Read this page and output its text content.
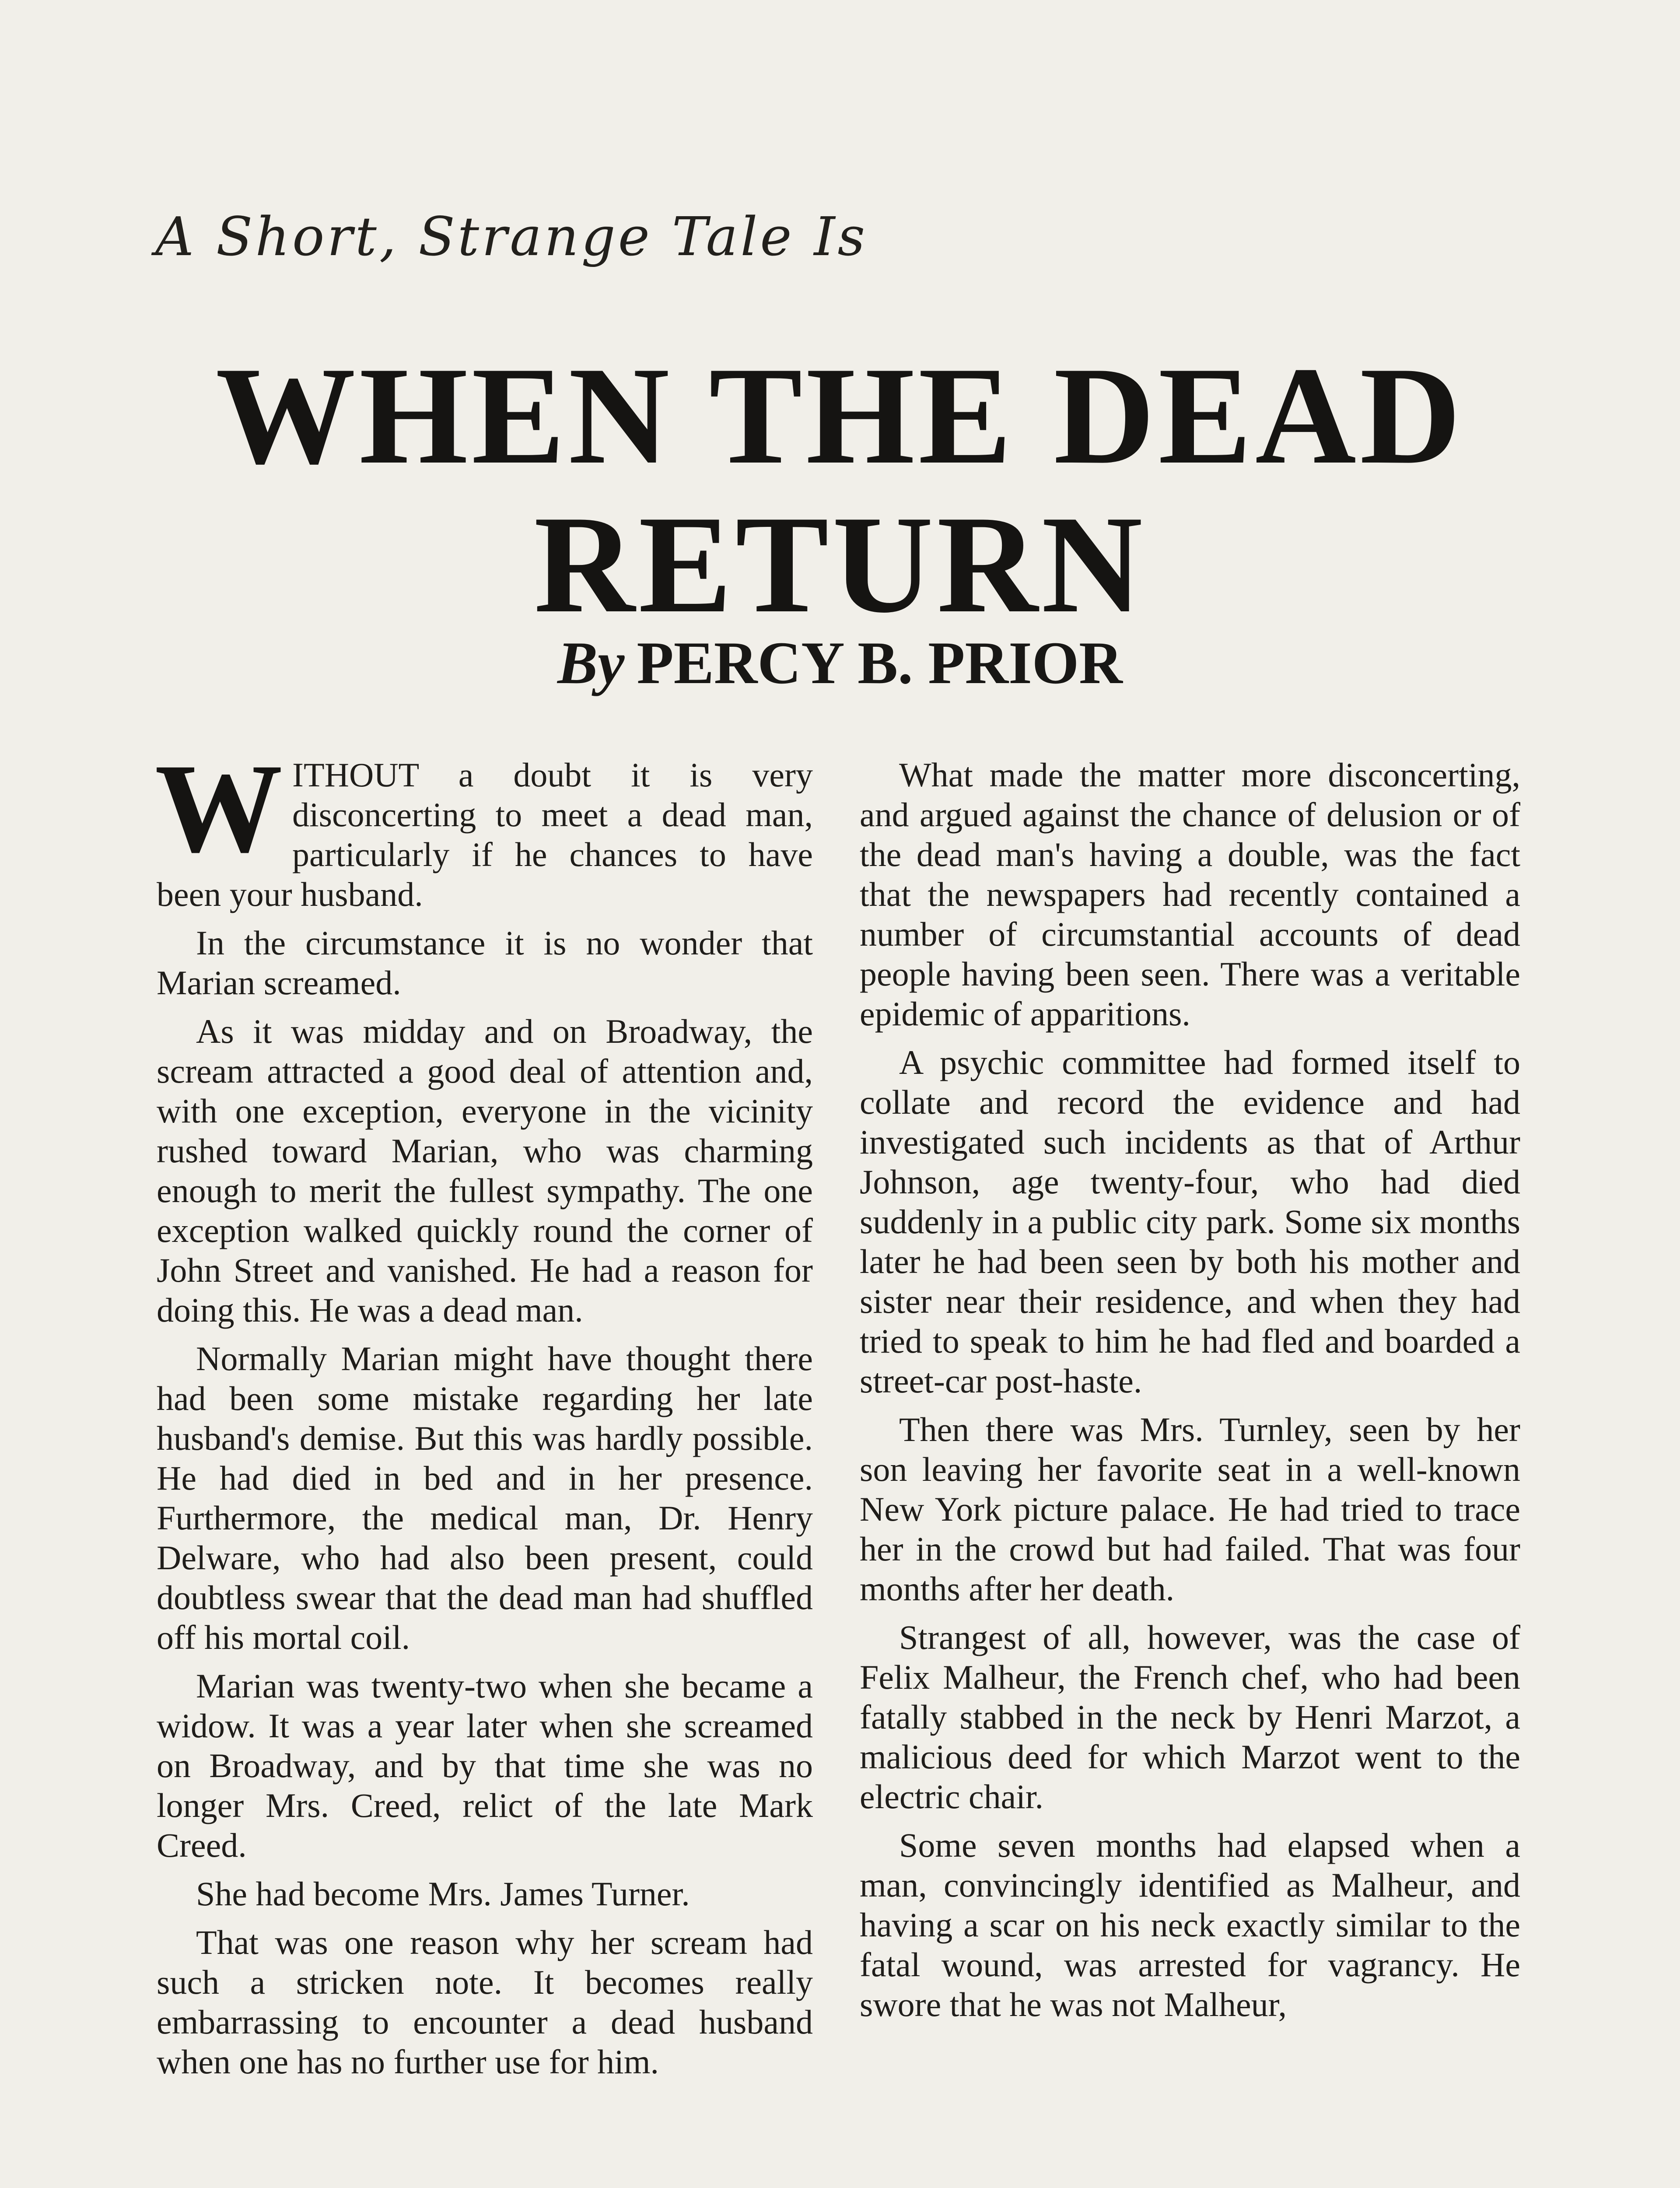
A Short, Strange Tale Is
WHEN THE DEAD
RETURN
By PERCY B. PRIOR

WITHOUT a doubt it is very disconcerting to meet a dead man, particularly if he chances to have been your husband.

In the circumstance it is no wonder that Marian screamed.

As it was midday and on Broadway, the scream attracted a good deal of attention and, with one exception, everyone in the vicinity rushed toward Marian, who was charming enough to merit the fullest sympathy. The one exception walked quickly round the corner of John Street and vanished. He had a reason for doing this. He was a dead man.

Normally Marian might have thought there had been some mistake regarding her late husband's demise. But this was hardly possible. He had died in bed and in her presence. Furthermore, the medical man, Dr. Henry Delware, who had also been present, could doubtless swear that the dead man had shuffled off his mortal coil.

Marian was twenty-two when she became a widow. It was a year later when she screamed on Broadway, and by that time she was no longer Mrs. Creed, relict of the late Mark Creed.

She had become Mrs. James Turner.

That was one reason why her scream had such a stricken note. It becomes really embarrassing to encounter a dead husband when one has no further use for him.

What made the matter more disconcerting, and argued against the chance of delusion or of the dead man's having a double, was the fact that the newspapers had recently contained a number of circumstantial accounts of dead people having been seen. There was a veritable epidemic of apparitions.

A psychic committee had formed itself to collate and record the evidence and had investigated such incidents as that of Arthur Johnson, age twenty-four, who had died suddenly in a public city park. Some six months later he had been seen by both his mother and sister near their residence, and when they had tried to speak to him he had fled and boarded a street-car post-haste.

Then there was Mrs. Turnley, seen by her son leaving her favorite seat in a well-known New York picture palace. He had tried to trace her in the crowd but had failed. That was four months after her death.

Strangest of all, however, was the case of Felix Malheur, the French chef, who had been fatally stabbed in the neck by Henri Marzot, a malicious deed for which Marzot went to the electric chair.

Some seven months had elapsed when a man, convincingly identified as Malheur, and having a scar on his neck exactly similar to the fatal wound, was arrested for vagrancy. He swore that he was not Malheur,
